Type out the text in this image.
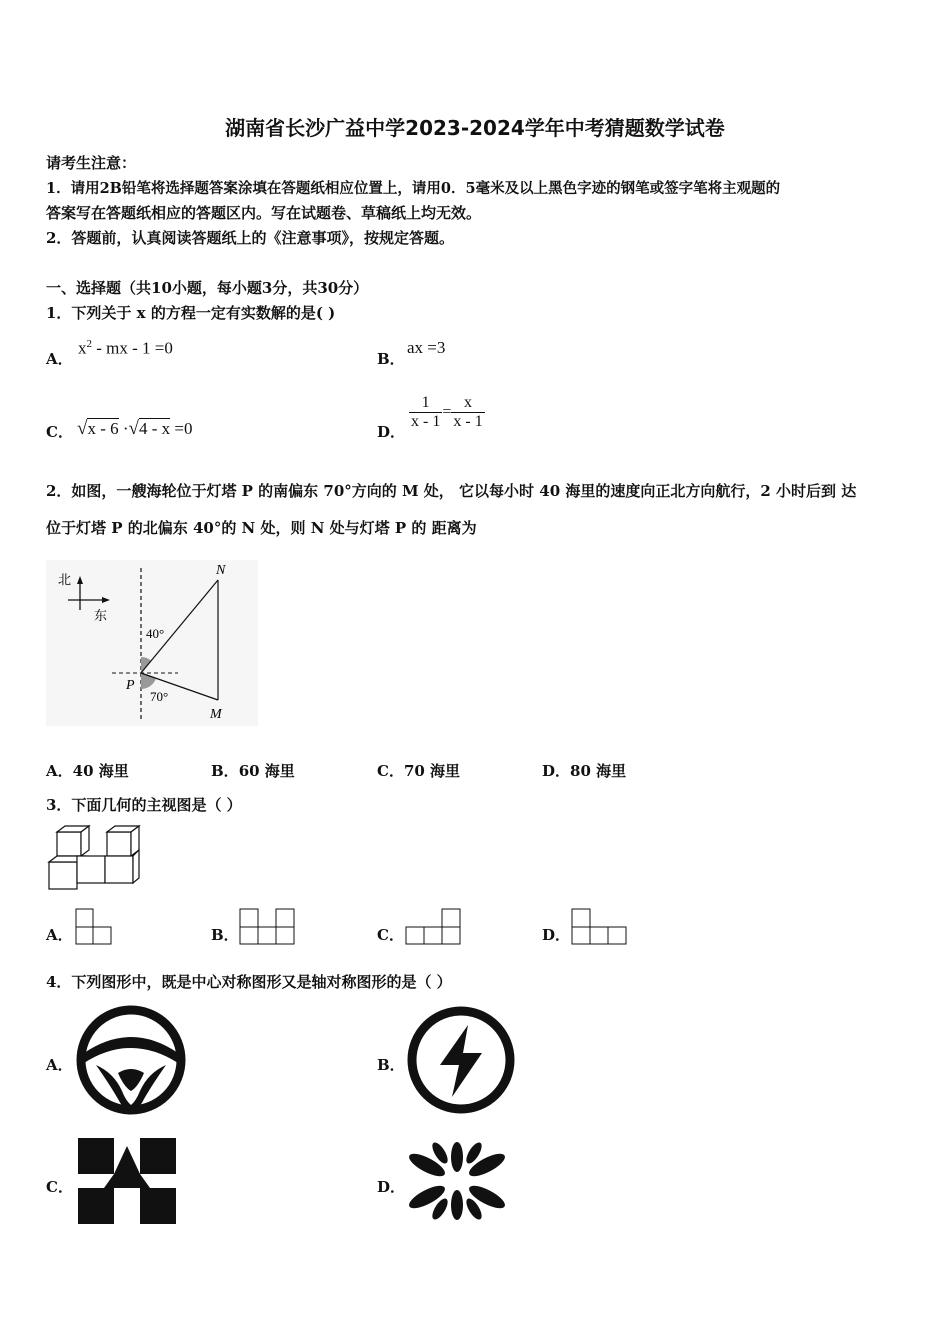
湖南省长沙广益中学2023-2024学年中考猜题数学试卷
请考生注意：
1．请用2B铅笔将选择题答案涂填在答题纸相应位置上，请用0．5毫米及以上黑色字迹的钢笔或签字笔将主观题的
答案写在答题纸相应的答题区内。写在试题卷、草稿纸上均无效。
2．答题前，认真阅读答题纸上的《注意事项》，按规定答题。
一、选择题（共10小题，每小题3分，共30分）
1．下列关于 x 的方程一定有实数解的是( )
A．
$x^2$ - mx - 1 =0
B．
ax =3
C． √x - 6 ·√4 - x =0	D．
$\frac{1}{x - 1} = \frac{x}{x - 1}$
2．如图，一艘海轮位于灯塔 P 的南偏东 70°方向的 M 处， 它以每小时 40 海里的速度向正北方向航行，2 小时后到 达
位于灯塔 P 的北偏东 40°的 N 处，则 N 处与灯塔 P 的 距离为
北
东
N
P
M
40°
70°
A．40 海里	B．60 海里	C．70 海里	D．80 海里
3．下面几何的主视图是（ ）
A．	B．	C．	D．
4．下列图形中，既是中心对称图形又是轴对称图形的是（ ）
A．	B．
C．	D．
